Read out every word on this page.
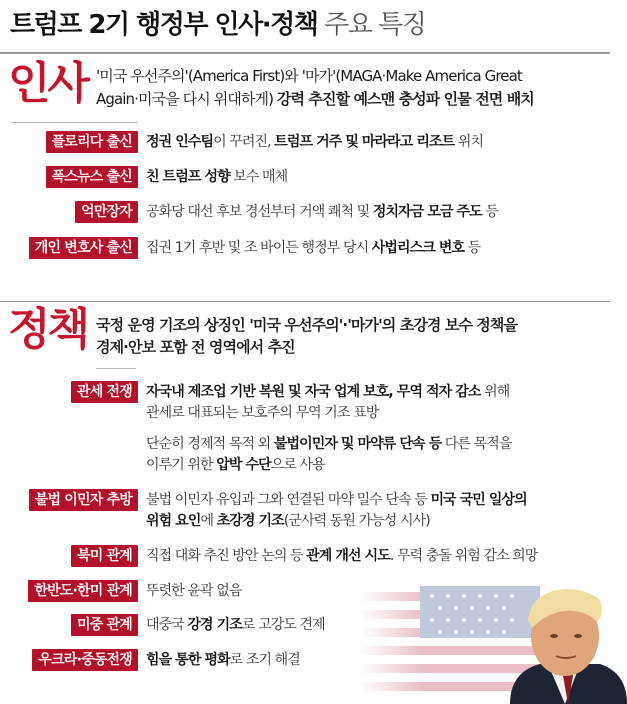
트럼프 2기 행정부 인사·정책 주요 특징
인사 '미국 우선주의'(America First)와 '마가'(MAGA·Make America Great
Again·미국을 다시 위대하게) 강력 추진할 예스맨 충성파 인물 전면 배치
플로리다 출신	정권 인수팀이 꾸려진, 트럼프 거주 및 마라라고 리조트 위치
폭스뉴스 출신	친 트럼프 성향 보수 매체
억만장자	공화당 대선 후보 경선부터 거액 쾌척 및 정치자금 모금 주도 등
개인 변호사 출신	집권 1기 후반 및 조 바이든 행정부 당시 사법리스크 변호 등
정책 국정 운영 기조의 상징인 '미국 우선주의'·'마가'의 초강경 보수 정책을
경제·안보 포함 전 영역에서 추진
관세 전쟁	자국내 제조업 기반 복원 및 자국 업계 보호, 무역 적자 감소 위해
관세로 대표되는 보호주의 무역 기조 표방
단순히 경제적 목적 외 불법이민자 및 마약류 단속 등 다른 목적을
이루기 위한 압박 수단으로 사용
불법 이민자 추방	불법 이민자 유입과 그와 연결된 마약 밀수 단속 등 미국 국민 일상의
위험 요인에 초강경 기조(군사력 동원 가능성 시사)
북미 관계	직접 대화 추진 방안 논의 등 관계 개선 시도. 무력 충돌 위험 감소 희망
한반도·한미 관계	뚜렷한 윤곽 없음
미중 관계	대중국 강경 기조로 고강도 견제
우크라·중동전쟁	힘을 통한 평화로 조기 해결
